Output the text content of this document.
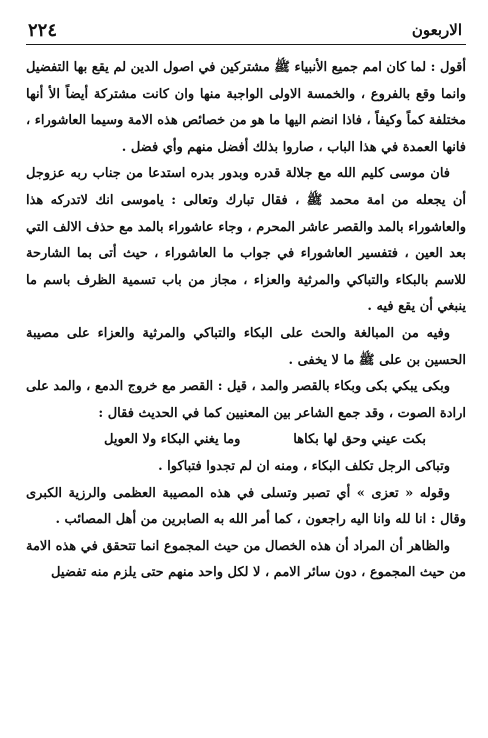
٢٢٤	الاربعون

أقول : لما كان امم جميع الأنبياء ﷺ مشتركين في اصول الدين لم يقع بها التفضيل وانما وقع بالفروع ، والخمسة الاولى الواجبة منها وان كانت مشتركة أيضاً الأ أنها مختلفة كماً وكيفاً ، فاذا انضم اليها ما هو من خصائص هذه الامة وسيما العاشوراء ، فانها العمدة في هذا الباب ، صاروا بذلك أفضل منهم وأي فضل .

فان موسى كليم الله مع جلالة قدره وبدور بدره استدعا من جناب ربه عزوجل أن يجعله من امة محمد ﷺ ، فقال تبارك وتعالى : ياموسى انك لاتدركه هذا والعاشوراء بالمد والقصر عاشر المحرم ، وجاء عاشوراء بالمد مع حذف الالف التي بعد العين ، فتفسير العاشوراء في جواب ما العاشوراء ، حيث أتى بما الشارحة للاسم بالبكاء والتباكي والمرثية والعزاء ، مجاز من باب تسمية الظرف باسم ما ينبغي أن يقع فيه .

وفيه من المبالغة والحث على البكاء والتباكي والمرثية والعزاء على مصيبة الحسين بن على ﷺ ما لا يخفى .

وبكى يبكي بكى وبكاء بالقصر والمد ، قيل : القصر مع خروج الدمع ، والمد على ارادة الصوت ، وقد جمع الشاعر بين المعنيين كما في الحديث فقال :

بكت عيني وحق لها بكاها
وما يغني البكاء ولا العويل

وتباكى الرجل تكلف البكاء ، ومنه ان لم تجدوا فتباكوا .

وقوله « تعزى » أي تصبر وتسلى في هذه المصيبة العظمى والرزية الكبرى وقال : انا لله وانا اليه راجعون ، كما أمر الله به الصابرين من أهل المصائب .

والظاهر أن المراد أن هذه الخصال من حيث المجموع انما تتحقق في هذه الامة من حيث المجموع ، دون سائر الامم ، لا لكل واحد منهم حتى يلزم منه تفضيل
